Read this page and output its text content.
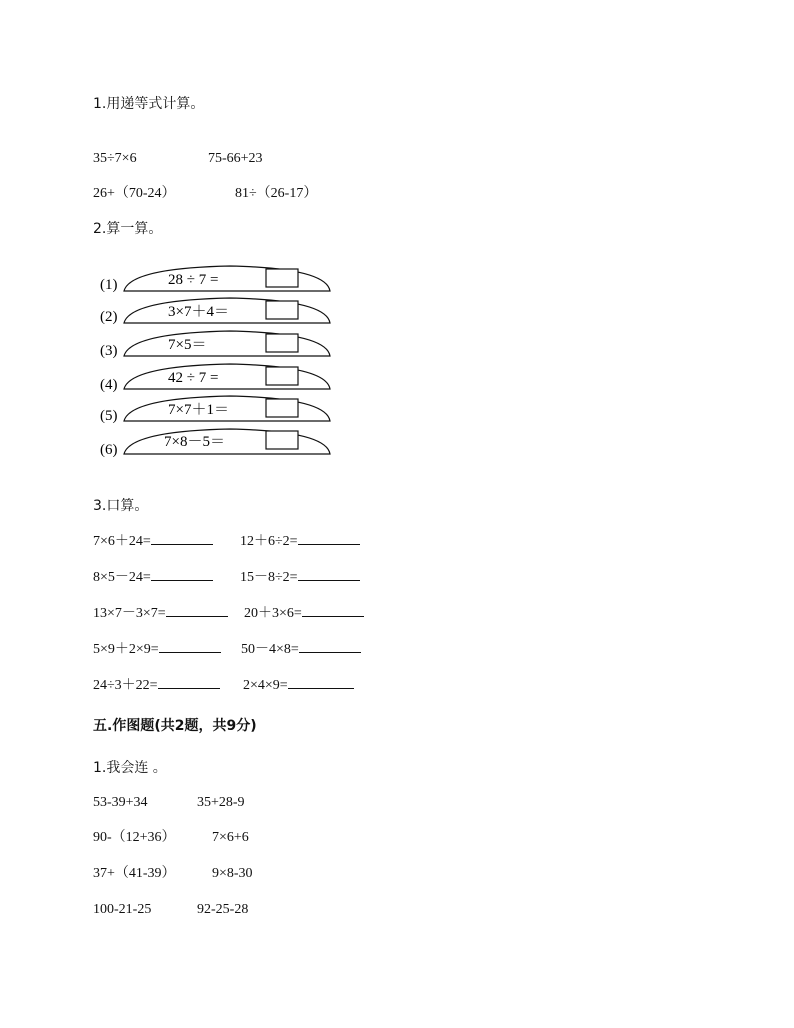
1.用递等式计算。
35÷7×6	75-66+23
26+（70-24）	81÷（26-17）
2.算一算。
(1)	28 ÷ 7 =
(2)	3×7＋4＝
(3)	7×5＝
(4)	42 ÷ 7 =
(5)	7×7＋1＝
(6)	7×8－5＝
3.口算。
7×6＋24=	12＋6÷2=
8×5－24=	15－8÷2=
13×7－3×7=	20＋3×6=
5×9＋2×9=	50－4×8=
24÷3＋22=	2×4×9=
五.作图题(共2题，共9分)
1.我会连 。
53-39+34	35+28-9
90-（12+36）	7×6+6
37+（41-39）	9×8-30
100-21-25	92-25-28
